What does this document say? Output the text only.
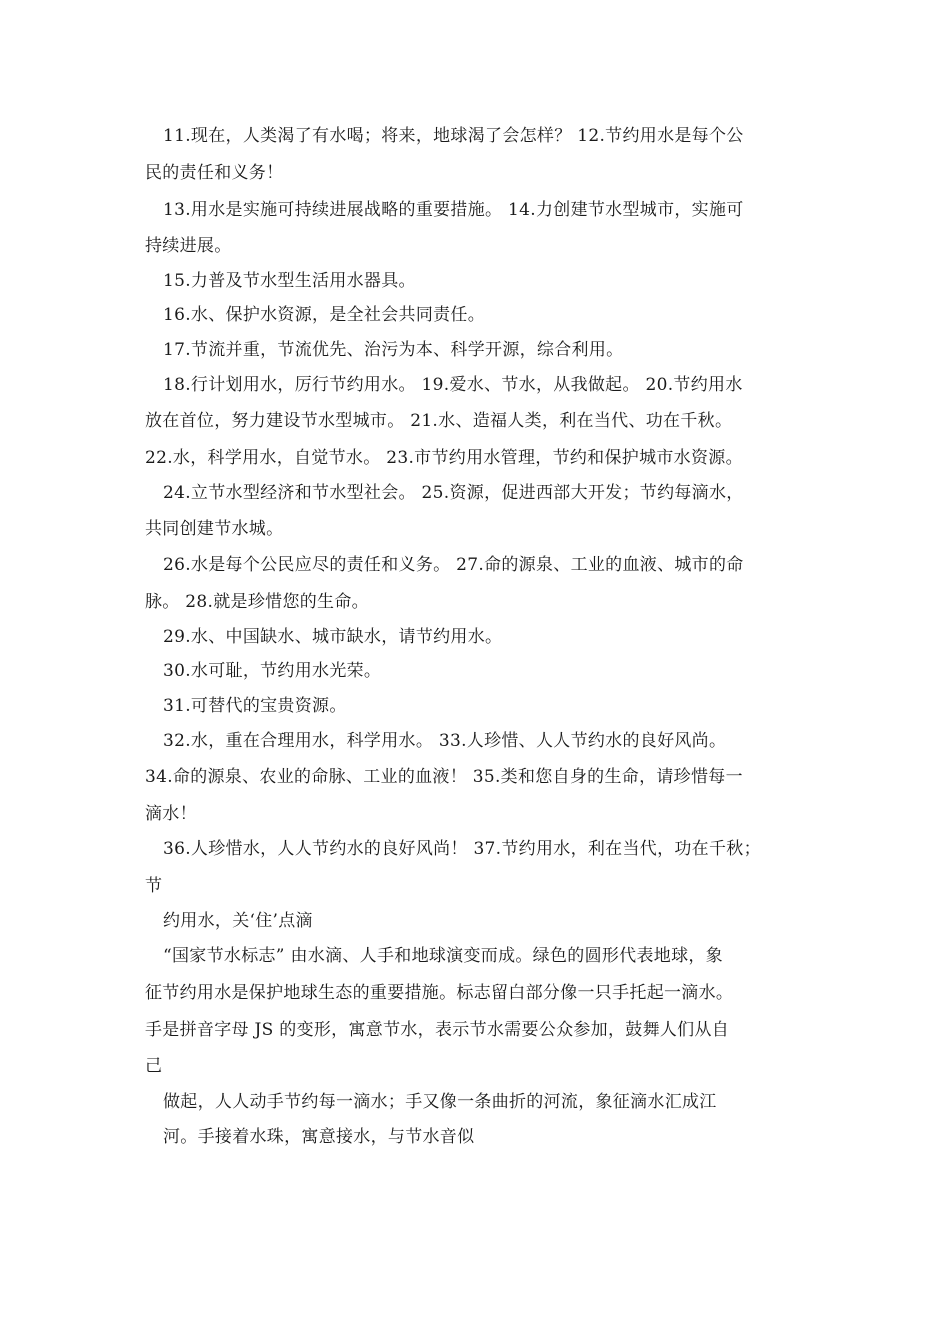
11.现在，人类渴了有水喝；将来，地球渴了会怎样？ 12.节约用水是每个公
民的责任和义务！
13.用水是实施可持续进展战略的重要措施。 14.力创建节水型城市，实施可
持续进展。
15.力普及节水型生活用水器具。
16.水、保护水资源，是全社会共同责任。
17.节流并重，节流优先、治污为本、科学开源，综合利用。
18.行计划用水，厉行节约用水。 19.爱水、节水，从我做起。 20.节约用水
放在首位，努力建设节水型城市。 21.水、造福人类，利在当代、功在千秋。
22.水，科学用水，自觉节水。 23.市节约用水管理，节约和保护城市水资源。
24.立节水型经济和节水型社会。 25.资源，促进西部大开发；节约每滴水，
共同创建节水城。
26.水是每个公民应尽的责任和义务。 27.命的源泉、工业的血液、城市的命
脉。 28.就是珍惜您的生命。
29.水、中国缺水、城市缺水，请节约用水。
30.水可耻，节约用水光荣。
31.可替代的宝贵资源。
32.水，重在合理用水，科学用水。 33.人珍惜、人人节约水的良好风尚。
34.命的源泉、农业的命脉、工业的血液！ 35.类和您自身的生命，请珍惜每一
滴水！
36.人珍惜水，人人节约水的良好风尚！ 37.节约用水，利在当代，功在千秋；
节
约用水，关‘住’点滴
“国家节水标志” 由水滴、人手和地球演变而成。绿色的圆形代表地球，象
征节约用水是保护地球生态的重要措施。标志留白部分像一只手托起一滴水。
手是拼音字母 JS 的变形，寓意节水，表示节水需要公众参加，鼓舞人们从自
己
做起，人人动手节约每一滴水；手又像一条曲折的河流，象征滴水汇成江
河。手接着水珠，寓意接水，与节水音似
